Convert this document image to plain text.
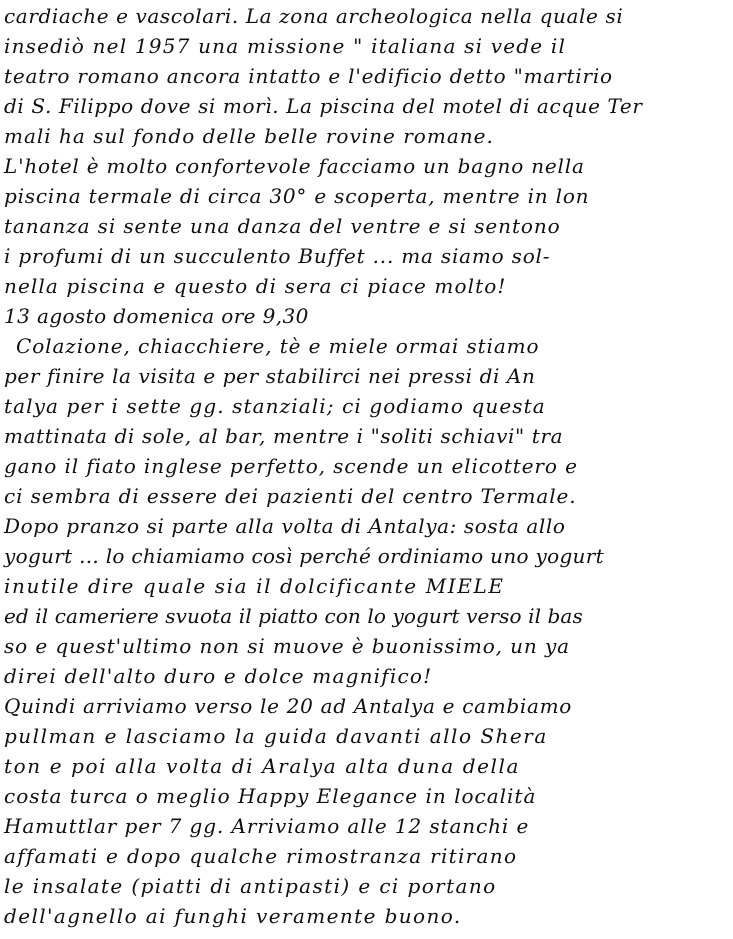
cardiache e vascolari. La zona archeologica nella quale si
insediò nel 1957 una missione " italiana si vede il
teatro romano ancora intatto e l'edificio detto "martirio
di S. Filippo dove si morì. La piscina del motel di acque Ter
mali ha sul fondo delle belle rovine romane.
L'hotel è molto confortevole facciamo un bagno nella
piscina termale di circa 30° e scoperta, mentre in lon
tananza si sente una danza del ventre e si sentono
i profumi di un succulento Buffet ... ma siamo sol-
nella piscina e questo di sera ci piace molto!
13 agosto domenica ore 9,30
Colazione, chiacchiere, tè e miele ormai stiamo
per finire la visita e per stabilirci nei pressi di An
talya per i sette gg. stanziali; ci godiamo questa
mattinata di sole, al bar, mentre i "soliti schiavi" tra
gano il fiato inglese perfetto, scende un elicottero e
ci sembra di essere dei pazienti del centro Termale.
Dopo pranzo si parte alla volta di Antalya: sosta allo
yogurt ... lo chiamiamo così perché ordiniamo uno yogurt
inutile dire quale sia il dolcificante MIELE
ed il cameriere svuota il piatto con lo yogurt verso il bas
so e quest'ultimo non si muove è buonissimo, un ya
direi dell'alto duro e dolce magnifico!
Quindi arriviamo verso le 20 ad Antalya e cambiamo
pullman e lasciamo la guida davanti allo Shera
ton e poi alla volta di Aralya alta duna della
costa turca o meglio Happy Elegance in località
Hamuttlar per 7 gg. Arriviamo alle 12 stanchi e
affamati e dopo qualche rimostranza ritirano
le insalate (piatti di antipasti) e ci portano
dell'agnello ai funghi veramente buono.
